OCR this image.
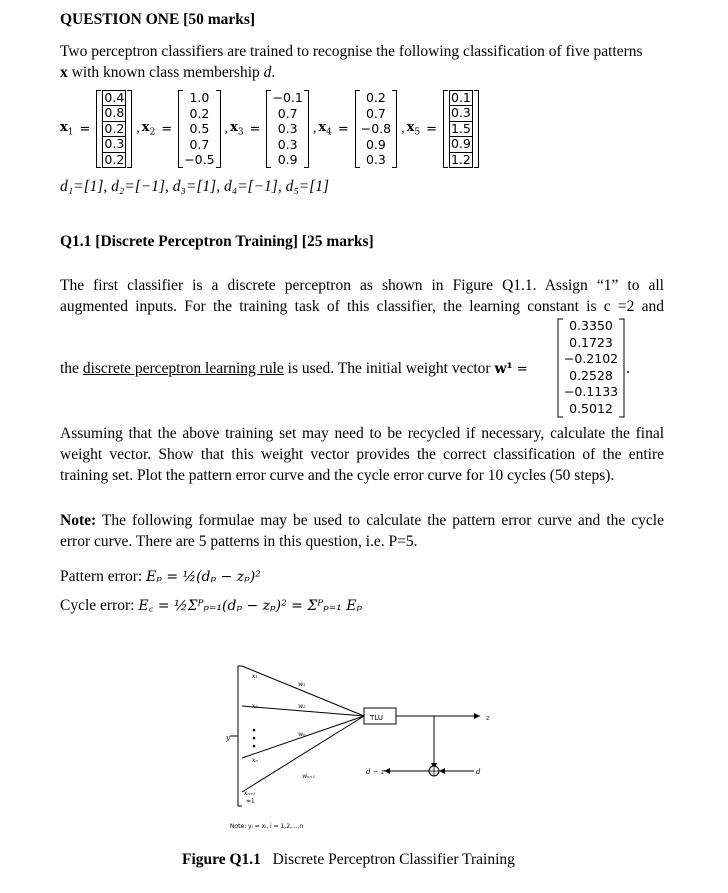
QUESTION ONE [50 marks]
Two perceptron classifiers are trained to recognise the following classification of five patterns
x with known class membership d.
$x_1$ =
0.4
0.8
0.2
0.3
0.2
, $x_2$ =
1.0
0.2
0.5
0.7
−0.5
, $x_3$ =
−0.1
0.7
0.3
0.3
0.9
, $x_4$ =
0.2
0.7
−0.8
0.9
0.3
, $x_5$ =
0.1
0.3
1.5
0.9
1.2
d₁=[1], d₂=[−1], d₃=[1], d₄=[−1], d₅=[1]
Q1.1 [Discrete Perceptron Training] [25 marks]
The first classifier is a discrete perceptron as shown in Figure Q1.1. Assign “1” to all
augmented inputs. For the training task of this classifier, the learning constant is c =2 and
the discrete perceptron learning rule is used. The initial weight vector w¹ =
0.3350
0.1723
−0.2102
0.2528
−0.1133
0.5012
.
Assuming that the above training set may need to be recycled if necessary, calculate the final weight vector. Show that this weight vector provides the correct classification of the entire training set. Plot the pattern error curve and the cycle error curve for 10 cycles (50 steps).
Note: The following formulae may be used to calculate the pattern error curve and the cycle error curve. There are 5 patterns in this question, i.e. P=5.
Pattern error: Eₚ = ½(dₚ − zₚ)²
Cycle error: E꜀ = ½Σᴾₚ₌₁(dₚ − zₚ)² = Σᴾₚ₌₁ Eₚ
x₁
x₂
xₙ
xₙ₊₁
=1
y
w₁
w₂
wₙ
wₙ₊₁
TLU	z
d − z	d
Note: yᵢ = xᵢ, i = 1,2,...,n
Figure Q1.1 Discrete Perceptron Classifier Training
